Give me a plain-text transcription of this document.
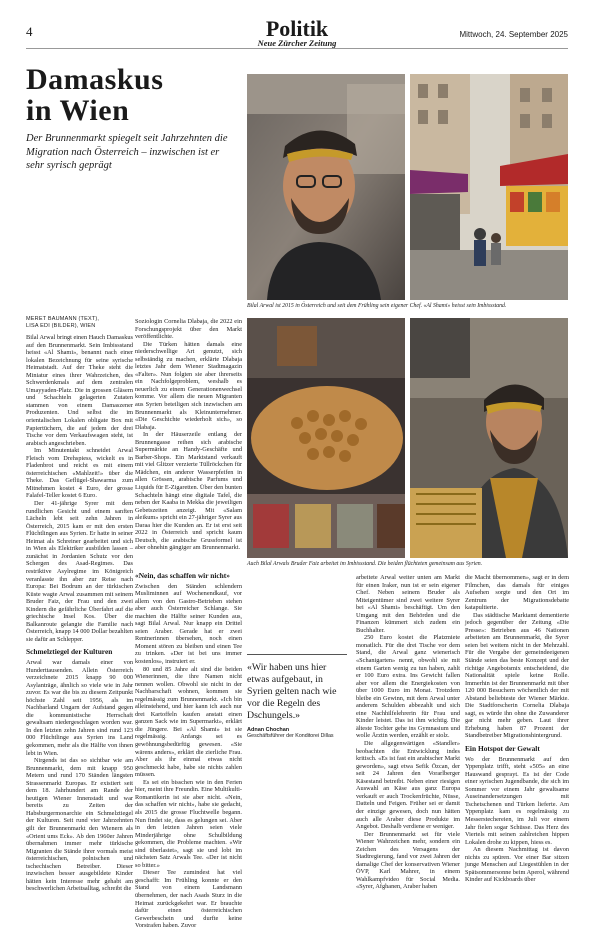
4	Politik
Neue Zürcher Zeitung
Mittwoch, 24. September 2025
Damaskus
in Wien
Der Brunnenmarkt spiegelt seit Jahrzehnten die Migration nach Österreich – inzwischen ist er sehr syrisch geprägt
Bilal Arwal ist 2015 in Österreich und seit dem Frühling sein eigener Chef. «Al Shami» heisst sein Imbissstand.
Auch Bilal Arwals Bruder Faiz arbeitet im Imbissstand. Die beiden flüchteten gemeinsam aus Syrien.
MERET BAUMANN (TEXT),
LISA EDI (BILDER), WIEN

Bilal Arwal bringt einen Hauch Damaskus auf den Brunnenmarkt. Sein Imbissstand heisst «Al Shami», benannt nach einer lokalen Bezeichnung für seine syrische Heimatstadt. Auf der Theke steht die Miniatur eines ihrer Wahrzeichen, des Schwerdenkmals auf dem zentralen Umayyaden-Platz. Die in grossen Gläsern und Schachteln gelagerten Zutaten stammen von einem Damaszener Produzenten. Und selbst die im orientalischen Lokalen obligate Box mit Papiertüchern, die auf jedem der drei Tische vor dem Verkaufswagen steht, ist arabisch angeschrieben.

Im Minutentakt schneidet Arwal Fleisch vom Drehspiess, wickelt es in Fladenbrot und reicht es mit einem österreichischen «Mahlzeit!» über die Theke. Das Geflügel-Shawarma zum Mitnehmen kostet 4 Euro, der grosse Falafel-Teller kostet 6 Euro.

Der 41-jährige Syrer mit dem rundlichen Gesicht und einem sanften Lächeln lebt seit zehn Jahren in Österreich, 2015 kam er mit den ersten Flüchtlingen aus Syrien. Er hatte in seiner Heimat als Schreiner gearbeitet und sich in Wien als Elektriker ausbilden lassen – zunächst in Jordanien Schutz vor den Schergen des Asad-Regimes. Das restriktive Asylregime im Königreich veranlasste ihn aber zur Reise nach Europa: Bei Bodrum an der türkischen Küste wagte Arwal zusammen mit seinem Bruder Faiz, der Frau und den zwei Kindern die gefährliche Überfahrt auf die griechische Insel Kos. Über die Balkanroute gelangte die Familie nach Österreich, knapp 14 000 Dollar bezahlten sie dafür an Schlepper.

Schmelztiegel der Kulturen

Arwal war damals einer von Hunderttausenden. Allein Österreich verzeichnete 2015 knapp 90 000 Asylanträge, ähnlich so viele wie in Jahr zuvor. Es war die bis zu diesem Zeitpunkt höchste Zahl seit 1956, als im Nachbarland Ungarn der Aufstand gegen die kommunistische Herrschaft gewaltsam niedergeschlagen worden war. In den letzten zehn Jahren sind rund 123 000 Flüchtlinge aus Syrien ins Land gekommen, mehr als die Hälfte von ihnen lebt in Wien.

Nirgends ist das so sichtbar wie am Brunnenmarkt, dem mit knapp 950 Metern und rund 170 Ständen längsten Strassenmarkt Europas. Er existiert seit dem 18. Jahrhundert am Rande der heutigen Wiener Innenstadt und war bereits zu Zeiten der Habsburgermonarchie ein Schmelztiegel der Kulturen. Seit rund vier Jahrzehnten gilt der Brunnenmarkt den Wienern als «Orient ums Eck». Ab den 1960er Jahren übernahmen immer mehr türkische Migranten die Stände ihrer vormals meist österreichischen, polnischen und tschechischen Betreiber. Dieser inzwischen besser ausgebildete Kinder hätten kein Interesse mehr gehabt am beschwerlichen Arbeitsalltag, schreibt die

Soziologin Cornelia Dlabaja, die 2022 ein Forschungsprojekt über den Markt veröffentlichte.

Die Türken hätten damals eine niederschwellige Art genutzt, sich selbständig zu machen, erklärte Dlabaja letztes Jahr dem Wiener Stadtmagazin «Falter». Nun folgten sie aber ihrerseits ein Nachfolgeproblem, weshalb es neuerlich zu einem Generationenwechsel komme. Vor allem die neuen Migranten aus Syrien beteiligen sich inzwischen am Brunnenmarkt als Kleinunternehmer. «Die Geschichte wiederholt sich», so Dlabaja.

In der Häuserzeile entlang der Brunnengasse reihen sich arabische Supermärkte an Handy-Geschäfte und Barber-Shops. Ein Marktstand verkauft mit viel Glitzer verzierte Tüllröckchen für Mädchen, ein anderer Wasserpfeifen in allen Grössen, arabische Parfums und Liquids für E-Zigaretten. Über den bunten Schachteln hängt eine digitale Tafel, die neben der Kaaba in Mekka die jeweiligen Gebetszeiten anzeigt. Mit «Salam aleikum» spricht ein 27-jähriger Syrer aus Daraa hier die Kunden an. Er ist erst seit 2022 in Österreich und spricht kaum Deutsch, die arabische Grussformel ist aber ohnehin gängiger am Brunnenmarkt.

«Nein, das schaffen wir nicht»

Zwischen den Ständen schlendern Musliminnen auf Wochenendkauf, vor allem von den Gastro-Betrieben stehen aber auch Österreicher Schlange. Sie machten die Hälfte seiner Kunden aus, sagt Bilal Arwal. Nur knapp ein Drittel seien Araber. Gerade hat er zwei Rentnerinnen übersehen, noch einen Moment stören zu bleiben und einen Tee zu trinken. «Der ist bei uns immer kostenlos», instruiert er.

80 und 85 Jahre alt sind die beiden Wienerinnen, die ihre Namen nicht nennen wollen. Obwohl sie nicht in der Nachbarschaft wohnen, kommen sie regelmässig zum Brunnenmarkt. «Ich bin alleinstehend, und hier kann ich auch nur drei Kartoffeln kaufen anstatt einen ganzen Sack wie im Supermarkt», erklärt die Jüngere. Bei «Al Shami» ist sie regelmässig. Anfangs sei es gewöhnungsbedürftig gewesen. «Sie wärens anders», erklärt die zierliche Frau. Aber als ihr einmal etwas nicht geschmeckt habe, habe sie nichts zahlen müssen.

Es sei ein bisschen wie in den Ferien hier, meint ihre Freundin. Eine Multikulti-Romantikerin ist sie aber nicht. «Nein, das schaffen wir nicht», habe sie gedacht, als 2015 die grosse Fluchtwelle begann. Nun findet sie, dass es gelungen sei. Aber in den letzten Jahren seien viele Minderjährige ohne Schulbildung gekommen, die Probleme machten. «Wir sind überlastet», sagt sie und lobt im nächsten Satz Arwals Tee. «Der ist nicht so bitter.»

Dieser Tee zumindest hat viel geschafft: Im Frühling konnte er den Stand von einem Landsmann übernehmen, der nach Asads Sturz in die Heimat zurückgekehrt war. Er brauchte dafür einen österreichischen Gewerbeschein und durfte keine Vorstrafen haben. Zuvor

«Wir haben uns hier etwas aufgebaut, in Syrien gelten nach wie vor die Regeln des Dschungels.»
Adnan Chochan
Geschäftsführer der Konditorei Dillas

arbeitete Arwal weiter unten am Markt für einen Iraker, nun ist er sein eigener Chef. Neben seinem Bruder als Miteigentümer sind zwei weitere Syrer bei «Al Shami» beschäftigt. Um den Umgang mit den Behörden und die Finanzen kümmert sich zudem ein Buchhalter.

250 Euro kostet die Platzmiete monatlich. Für die drei Tische vor dem Stand, die Arwal ganz wienerisch «Schanigarten» nennt, obwohl sie mit einem Garten wenig zu tun haben, zahlt er 100 Euro extra. Ins Gewicht fallen aber vor allem die Energiekosten von über 1000 Euro im Monat. Trotzdem bleibe ein Gewinn, mit dem Arwal unter anderem Schulden abbezahlt und sich eine Nachhilfelehrerin für Frau und Kinder leistet. Das ist ihm wichtig. Die älteste Tochter gehe ins Gymnasium und wolle Ärztin werden, erzählt er stolz.

Die allgegenwärtigen «Standler» beobachten die Entwicklung indes kritisch. «Es ist fast ein arabischer Markt geworden», sagt etwa Sefik Özcan, der seit 24 Jahren den Vorarlberger Käsestand betreibt. Neben einer riesigen Auswahl an Käse aus ganz Europa verkauft er auch Trockenfrüchte, Nüsse, Datteln und Feigen. Früher sei er damit der einzige gewesen, doch nun hätten auch alle Araber diese Produkte im Angebot. Deshalb verdiene er weniger.

Der Brunnenmarkt sei für viele Wiener Wahrzeichen mehr, sondern ein Zeichen des Versagens der Stadtregierung, fand vor zwei Jahren der damalige Chef der konservativen Wiener ÖVP, Karl Mahrer, in einem Wahlkampfvideo für Social Media. «Syrer, Afghanen, Araber haben

die Macht übernommen», sagt er in dem Filmchen, das damals für einiges Aufsehen sorgte und den Ort im Zentrum der Migrationsdebatte katapultierte.

Das städtische Marktamt dementierte jedoch gegenüber der Zeitung «Die Presse»: Betrieben aus 46 Nationen arbeiteten am Brunnenmarkt, die Syrer seien bei weitem nicht in der Mehrzahl. Für die Vergabe der gemeindeeigenen Stände seien das beste Konzept und der richtige Angebotsmix entscheidend, die Nationalität spiele keine Rolle. Immerhin ist der Brunnenmarkt mit über 120 000 Besuchern wöchentlich der mit Abstand beliebteste der Wiener Märkte. Die Stadtforscherin Cornelia Dlabaja sagt, es würde ihn ohne die Zuwanderer gar nicht mehr geben. Laut ihrer Erhebung haben 87 Prozent der Standbetreiber Migrationshintergrund.

Ein Hotspot der Gewalt

Wo der Brunnenmarkt auf den Yppenplatz trifft, steht «505» an eine Hauswand gesprayt. Es ist der Code einer syrischen Jugendbande, die sich im Sommer vor einem Jahr gewaltsame Auseinandersetzungen mit Tschetschenen und Türken lieferte. Am Yppenplatz kam es regelmässig zu Messerstechereien, im Juli vor einem Jahr fielen sogar Schüsse. Das Herz des Viertels mit seinen zahlreichen hippen Lokalen drohe zu kippen, hiess es.

An diesem Nachmittag ist davon nichts zu spüren. Vor einer Bar sitzen junge Menschen auf Liegestühlen in der Spätsommersonne beim Aperol, während Kinder auf Kickboards über
